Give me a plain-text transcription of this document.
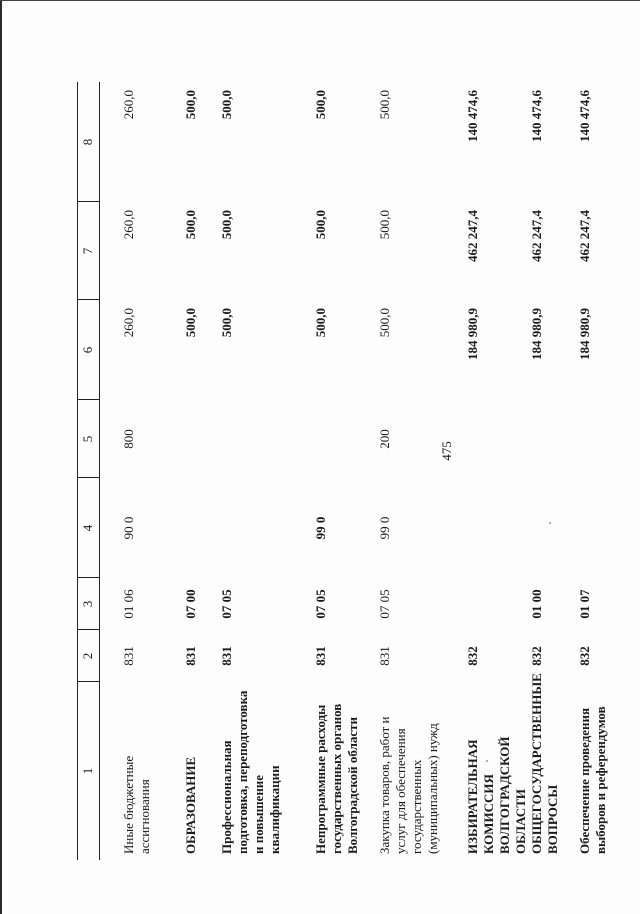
475
1
2
3
4
5
6
7
8
Иные бюджетные ассигнования
831
01 06
90 0
800
260,0
260,0
260,0
ОБРАЗОВАНИЕ
831
07 00
500,0
500,0
500,0
Профессиональная подготовка, переподготовка и повышение квалификации
831
07 05
500,0
500,0
500,0
Непрограммные расходы государственных органов Волгоградской области
831
07 05
99 0
500,0
500,0
500,0
Закупка товаров, работ и услуг для обеспечения государственных (муниципальных) нужд
831
07 05
99 0
200
500,0
500,0
500,0
ИЗБИРАТЕЛЬНАЯ КОМИССИЯ ВОЛГОГРАДСКОЙ ОБЛАСТИ
832
184 980,9
462 247,4
140 474,6
ОБЩЕГОСУДАРСТВЕННЫЕ ВОПРОСЫ
832
01 00
184 980,9
462 247,4
140 474,6
Обеспечение проведения выборов и референдумов
832
01 07
184 980,9
462 247,4
140 474,6
